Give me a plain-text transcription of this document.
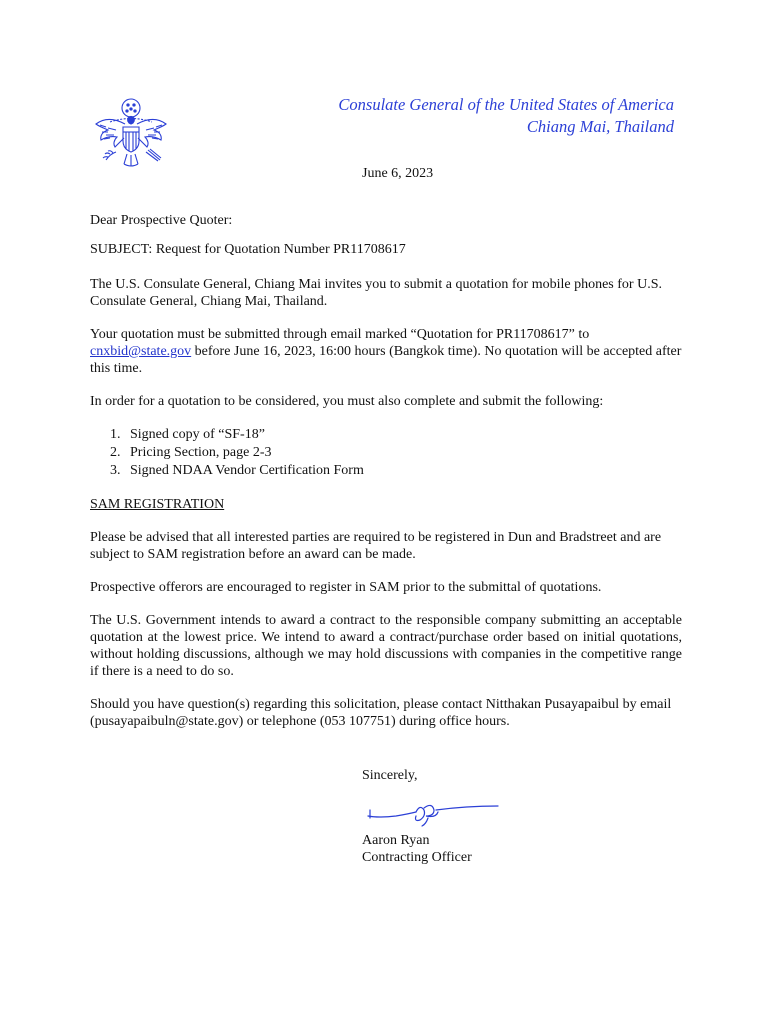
Consulate General of the United States of America
Chiang Mai, Thailand
June 6, 2023

Dear Prospective Quoter:

SUBJECT: Request for Quotation Number PR11708617

The U.S. Consulate General, Chiang Mai invites you to submit a quotation for mobile phones for U.S. Consulate General, Chiang Mai, Thailand.

Your quotation must be submitted through email marked “Quotation for PR11708617” to cnxbid@state.gov before June 16, 2023, 16:00 hours (Bangkok time). No quotation will be accepted after this time.

In order for a quotation to be considered, you must also complete and submit the following:

1. Signed copy of “SF-18”
2. Pricing Section, page 2-3
3. Signed NDAA Vendor Certification Form

SAM REGISTRATION

Please be advised that all interested parties are required to be registered in Dun and Bradstreet and are subject to SAM registration before an award can be made.

Prospective offerors are encouraged to register in SAM prior to the submittal of quotations.

The U.S. Government intends to award a contract to the responsible company submitting an acceptable quotation at the lowest price. We intend to award a contract/purchase order based on initial quotations, without holding discussions, although we may hold discussions with companies in the competitive range if there is a need to do so.

Should you have question(s) regarding this solicitation, please contact Nitthakan Pusayapaibul by email (pusayapaibuln@state.gov) or telephone (053 107751) during office hours.

Sincerely,
Aaron Ryan
Contracting Officer
